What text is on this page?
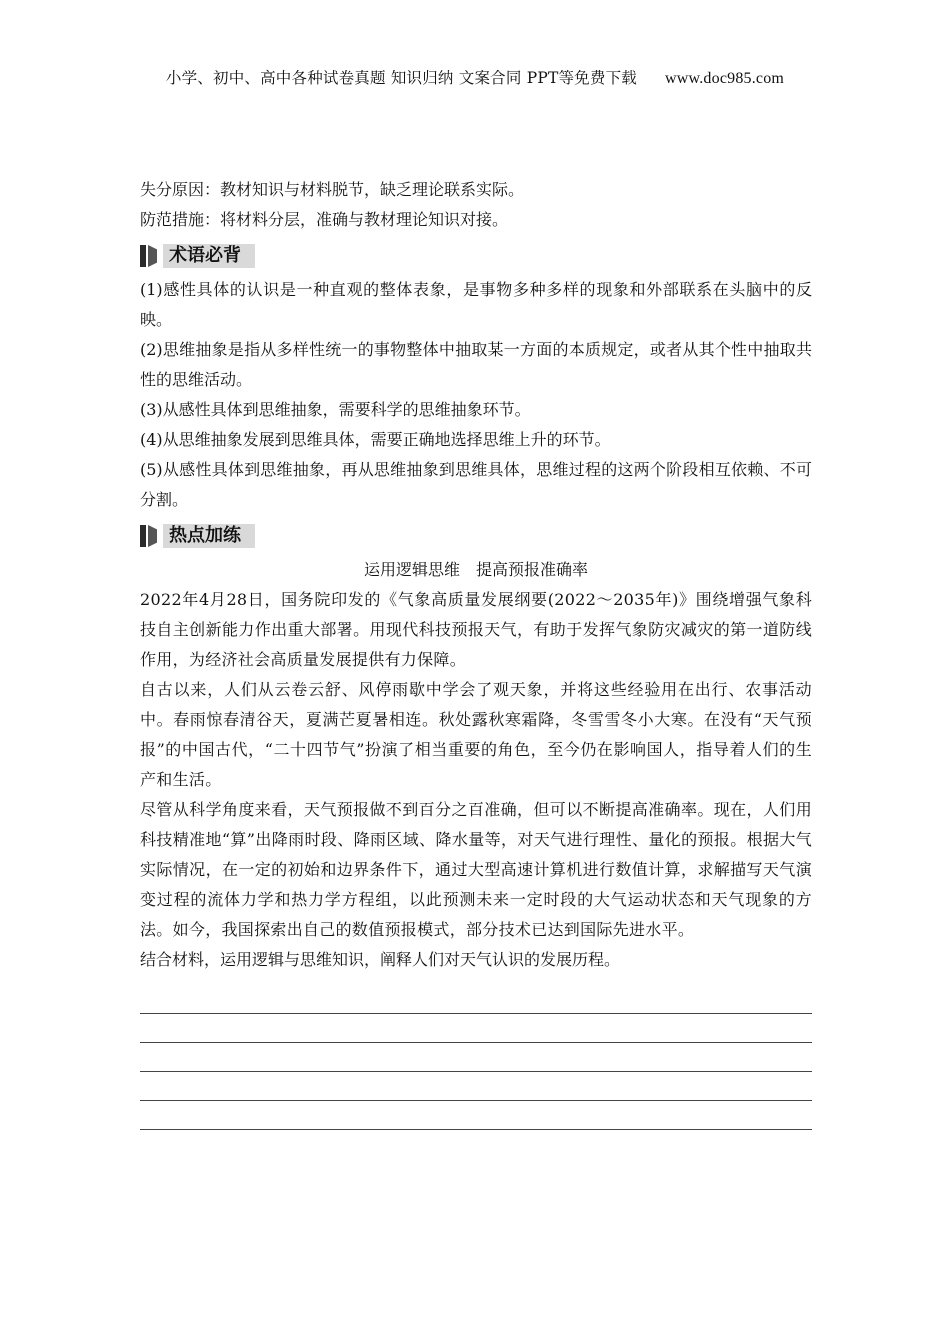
小学、初中、高中各种试卷真题 知识归纳 文案合同 PPT等免费下载 www.doc985.com

失分原因：教材知识与材料脱节，缺乏理论联系实际。

防范措施：将材料分层，准确与教材理论知识对接。

术语必背

(1)感性具体的认识是一种直观的整体表象，是事物多种多样的现象和外部联系在头脑中的反映。

(2)思维抽象是指从多样性统一的事物整体中抽取某一方面的本质规定，或者从其个性中抽取共性的思维活动。

(3)从感性具体到思维抽象，需要科学的思维抽象环节。

(4)从思维抽象发展到思维具体，需要正确地选择思维上升的环节。

(5)从感性具体到思维抽象，再从思维抽象到思维具体，思维过程的这两个阶段相互依赖、不可分割。

热点加练

运用逻辑思维　提高预报准确率

2022年4月28日，国务院印发的《气象高质量发展纲要(2022～2035年)》围绕增强气象科技自主创新能力作出重大部署。用现代科技预报天气，有助于发挥气象防灾减灾的第一道防线作用，为经济社会高质量发展提供有力保障。

自古以来，人们从云卷云舒、风停雨歇中学会了观天象，并将这些经验用在出行、农事活动中。春雨惊春清谷天，夏满芒夏暑相连。秋处露秋寒霜降，冬雪雪冬小大寒。在没有“天气预报”的中国古代，“二十四节气”扮演了相当重要的角色，至今仍在影响国人，指导着人们的生产和生活。

尽管从科学角度来看，天气预报做不到百分之百准确，但可以不断提高准确率。现在，人们用科技精准地“算”出降雨时段、降雨区域、降水量等，对天气进行理性、量化的预报。根据大气实际情况，在一定的初始和边界条件下，通过大型高速计算机进行数值计算，求解描写天气演变过程的流体力学和热力学方程组，以此预测未来一定时段的大气运动状态和天气现象的方法。如今，我国探索出自己的数值预报模式，部分技术已达到国际先进水平。

结合材料，运用逻辑与思维知识，阐释人们对天气认识的发展历程。
